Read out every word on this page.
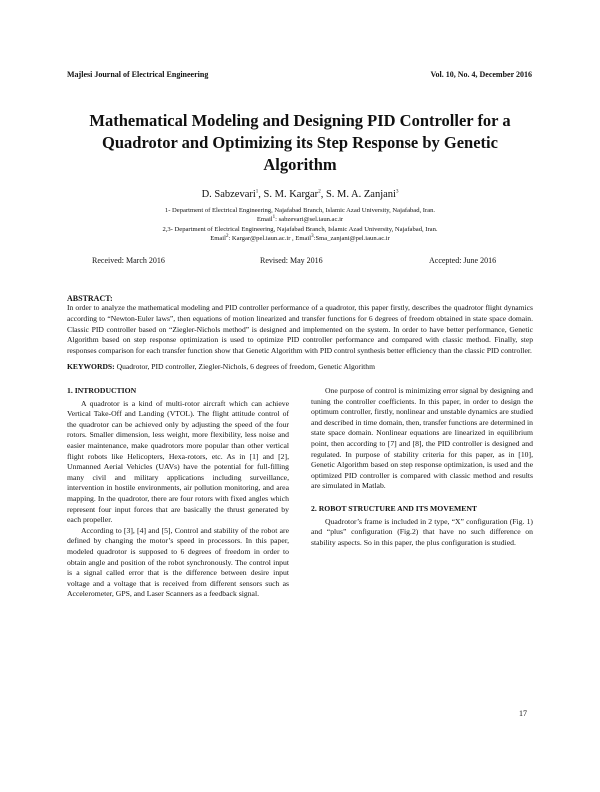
Majlesi Journal of Electrical Engineering	Vol. 10, No. 4, December 2016
Mathematical Modeling and Designing PID Controller for a
Quadrotor and Optimizing its Step Response by Genetic
Algorithm
D. Sabzevari$^1$, S. M. Kargar$^2$, S. M. A. Zanjani$^3$
1- Department of Electrical Engineering, Najafabad Branch, Islamic Azad University, Najafabad, Iran.
Email$^1$: sabzevari@sel.iaun.ac.ir
2,3- Department of Electrical Engineering, Najafabad Branch, Islamic Azad University, Najafabad, Iran.
Email$^2$: Kargar@pel.iaun.ac.ir , Email$^3$:Sma_zanjani@pel.iaun.ac.ir
Received: March 2016	Revised: May 2016	Accepted: June 2016
ABSTRACT:
In order to analyze the mathematical modeling and PID controller performance of a quadrotor, this paper firstly, describes the quadrotor flight dynamics according to “Newton-Euler laws”, then equations of motion linearized and transfer functions for 6 degrees of freedom obtained in state space domain. Classic PID controller based on “Ziegler-Nichols method” is designed and implemented on the system. In order to have better performance, Genetic Algorithm based on step response optimization is used to optimize PID controller performance and compared with classic method. Finally, step responses comparison for each transfer function show that Genetic Algorithm with PID control synthesis better efficiency than the classic PID controller.
KEYWORDS: Quadrotor, PID controller, Ziegler-Nichols, 6 degrees of freedom, Genetic Algorithm
1. INTRODUCTION

A quadrotor is a kind of multi-rotor aircraft which can achieve Vertical Take-Off and Landing (VTOL). The flight attitude control of the quadrotor can be achieved only by adjusting the speed of the four rotors. Smaller dimension, less weight, more flexibility, less noise and easier maintenance, make quadrotors more popular than other vertical flight robots like Helicopters, Hexa-rotors, etc. As in [1] and [2], Unmanned Aerial Vehicles (UAVs) have the potential for full-filling many civil and military applications including surveillance, intervention in hostile environments, air pollution monitoring, and area mapping. In the quadrotor, there are four rotors with fixed angles which represent four input forces that are basically the thrust generated by each propeller.

According to [3], [4] and [5], Control and stability of the robot are defined by changing the motor’s speed in processors. In this paper, modeled quadrotor is supposed to 6 degrees of freedom in order to obtain angle and position of the robot synchronously. The control input is a signal called error that is the difference between desire input voltage and a voltage that is received from different sensors such as Accelerometer, GPS, and Laser Scanners as a feedback signal.

One purpose of control is minimizing error signal by designing and tuning the controller coefficients. In this paper, in order to design the optimum controller, firstly, nonlinear and unstable dynamics are studied and described in time domain, then, transfer functions are determined in state space domain. Nonlinear equations are linearized in equilibrium point, then according to [7] and [8], the PID controller is designed and regulated. In purpose of stability criteria for this paper, as in [10], Genetic Algorithm based on step response optimization, is used and the optimized PID controller is compared with classic method and results are simulated in Matlab.

2. ROBOT STRUCTURE AND ITS MOVEMENT

Quadrotor’s frame is included in 2 type, “X” configuration (Fig. 1) and “plus” configuration (Fig.2) that have no such difference on stability aspects. So in this paper, the plus configuration is studied.

17
